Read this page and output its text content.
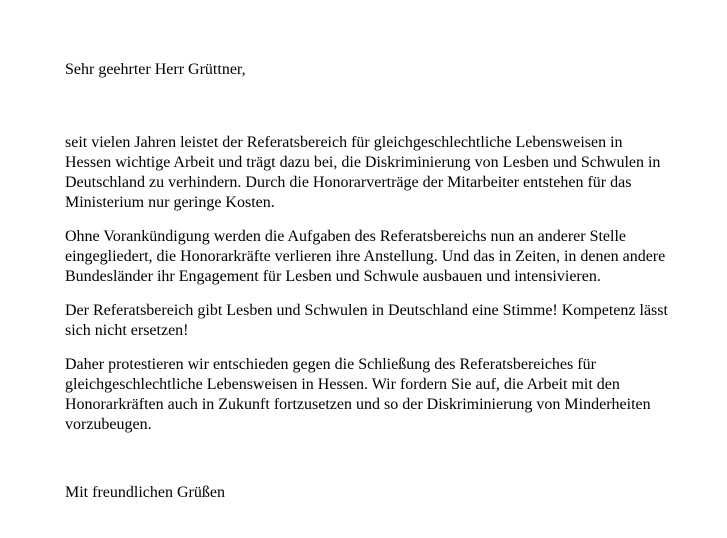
Sehr geehrter Herr Grüttner,

seit vielen Jahren leistet der Referatsbereich für gleichgeschlechtliche Lebensweisen in
Hessen wichtige Arbeit und trägt dazu bei, die Diskriminierung von Lesben und Schwulen in
Deutschland zu verhindern. Durch die Honorarverträge der Mitarbeiter entstehen für das
Ministerium nur geringe Kosten.
Ohne Vorankündigung werden die Aufgaben des Referatsbereichs nun an anderer Stelle
eingegliedert, die Honorarkräfte verlieren ihre Anstellung. Und das in Zeiten, in denen andere
Bundesländer ihr Engagement für Lesben und Schwule ausbauen und intensivieren.
Der Referatsbereich gibt Lesben und Schwulen in Deutschland eine Stimme! Kompetenz lässt
sich nicht ersetzen!
Daher protestieren wir entschieden gegen die Schließung des Referatsbereiches für
gleichgeschlechtliche Lebensweisen in Hessen. Wir fordern Sie auf, die Arbeit mit den
Honorarkräften auch in Zukunft fortzusetzen und so der Diskriminierung von Minderheiten
vorzubeugen.

Mit freundlichen Grüßen
